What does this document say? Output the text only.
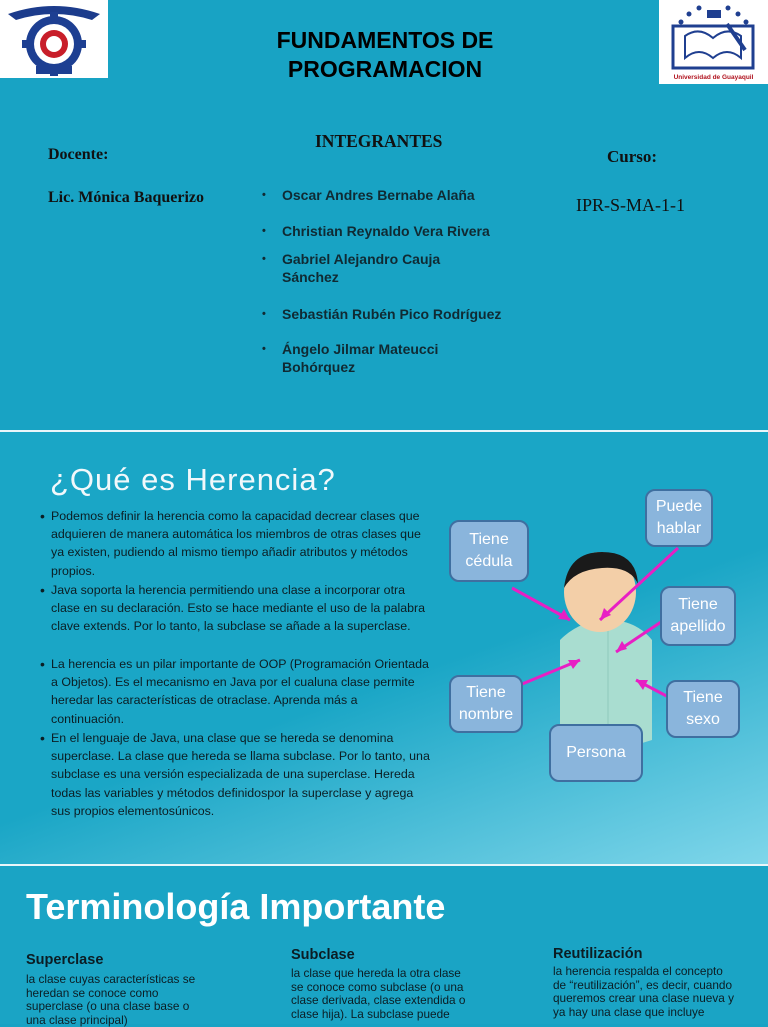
FUNDAMENTOS DE
PROGRAMACION	Universidad de Guayaquil
Docente:
Lic. Mónica Baquerizo
INTEGRANTES
Curso:
IPR-S-MA-1-1
•	Oscar Andres Bernabe Alaña
•	Christian Reynaldo Vera Rivera
•	Gabriel Alejandro Cauja Sánchez
•	Sebastián Rubén Pico Rodríguez
•	Ángelo Jilmar Mateucci Bohórquez
¿Qué es Herencia?
• Podemos definir la herencia como la capacidad decrear clases que adquieren de manera automática los miembros de otras clases que ya existen, pudiendo al mismo tiempo añadir atributos y métodos propios.
• Java soporta la herencia permitiendo una clase a incorporar otra clase en su declaración. Esto se hace mediante el uso de la palabra clave extends. Por lo tanto, la subclase se añade a la superclase.
• La herencia es un pilar importante de OOP (Programación Orientada a Objetos). Es el mecanismo en Java por el cualuna clase permite heredar las características de otraclase. Aprenda más a continuación.
• En el lenguaje de Java, una clase que se hereda se denomina superclase. La clase que hereda se llama subclase. Por lo tanto, una subclase es una versión especializada de una superclase. Hereda todas las variables y métodos definidospor la superclase y agrega sus propios elementosúnicos.
Tiene
cédula
Puede
hablar
Tiene
apellido
Tiene
nombre
Tiene
sexo
Persona
Terminología Importante
Superclase
la clase cuyas características se
heredan se conoce como
superclase (o una clase base o
una clase principal)
Subclase
la clase que hereda la otra clase
se conoce como subclase (o una
clase derivada, clase extendida o
clase hija). La subclase puede
Reutilización
la herencia respalda el concepto
de “reutilización”, es decir, cuando
queremos crear una clase nueva y
ya hay una clase que incluye
